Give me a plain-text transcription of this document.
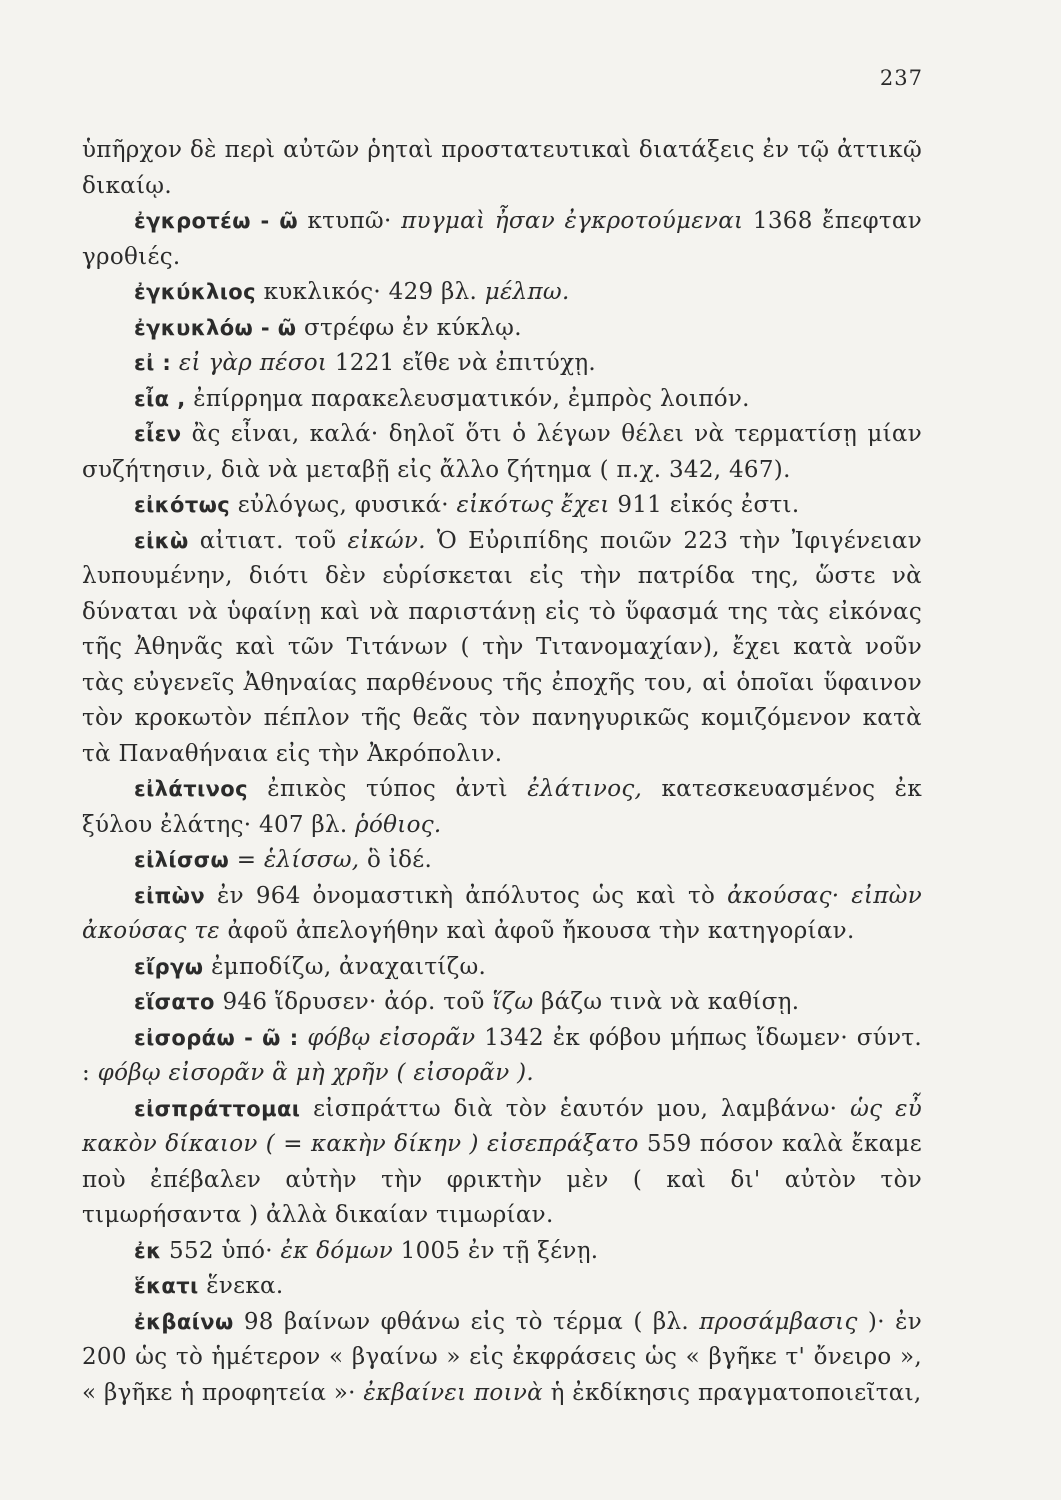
237

ὑπῆρχον δὲ περὶ αὐτῶν ῥηταὶ προστατευτικαὶ διατάξεις ἐν τῷ ἀττικῷ δικαίῳ.

ἐγκροτέω - ῶ κτυπῶ· πυγμαὶ ἦσαν ἐγκροτούμεναι 1368 ἔπεφταν γροθιές.

ἐγκύκλιος κυκλικός· 429 βλ. μέλπω.

ἐγκυκλόω - ῶ στρέφω ἐν κύκλῳ.

εἰ : εἰ γὰρ πέσοι 1221 εἴθε νὰ ἐπιτύχῃ.

εἶα , ἐπίρρημα παρακελευσματικόν, ἐμπρὸς λοιπόν.

εἶεν ἂς εἶναι, καλά· δηλοῖ ὅτι ὁ λέγων θέλει νὰ τερματίσῃ μίαν συζήτησιν, διὰ νὰ μεταβῇ εἰς ἄλλο ζήτημα ( π.χ. 342, 467).

εἰκότως εὐλόγως, φυσικά· εἰκότως ἔχει 911 εἰκός ἐστι.

εἰκὼ αἰτιατ. τοῦ εἰκών. Ὁ Εὐριπίδης ποιῶν 223 τὴν Ἰφιγένειαν λυπουμένην, διότι δὲν εὑρίσκεται εἰς τὴν πατρίδα της, ὥστε νὰ δύναται νὰ ὑφαίνῃ καὶ νὰ παριστάνῃ εἰς τὸ ὕφασμά της τὰς εἰκόνας τῆς Ἀθηνᾶς καὶ τῶν Τιτάνων ( τὴν Τιτανομαχίαν), ἔχει κατὰ νοῦν τὰς εὐγενεῖς Ἀθηναίας παρθένους τῆς ἐποχῆς του, αἱ ὁποῖαι ὕφαινον τὸν κροκωτὸν πέπλον τῆς θεᾶς τὸν πανηγυρικῶς κομιζόμενον κατὰ τὰ Παναθήναια εἰς τὴν Ἀκρόπολιν.

εἰλάτινος ἐπικὸς τύπος ἀντὶ ἐλάτινος, κατεσκευασμένος ἐκ ξύλου ἐλάτης· 407 βλ. ῥόθιος.

εἰλίσσω = ἑλίσσω, ὃ ἰδέ.

εἰπὼν ἐν 964 ὀνομαστικὴ ἀπόλυτος ὡς καὶ τὸ ἀκούσας· εἰπὼν ἀκούσας τε ἀφοῦ ἀπελογήθην καὶ ἀφοῦ ἤκουσα τὴν κατηγορίαν.

εἴργω ἐμποδίζω, ἀναχαιτίζω.

εἵσατο 946 ἵδρυσεν· ἀόρ. τοῦ ἵζω βάζω τινὰ νὰ καθίσῃ.

εἰσοράω - ῶ : φόβῳ εἰσορᾶν 1342 ἐκ φόβου μήπως ἴδωμεν· σύντ. : φόβῳ εἰσορᾶν ἃ μὴ χρῆν ( εἰσορᾶν ).

εἰσπράττομαι εἰσπράττω διὰ τὸν ἑαυτόν μου, λαμβάνω· ὡς εὖ κακὸν δίκαιον ( = κακὴν δίκην ) εἰσεπράξατο 559 πόσον καλὰ ἔκαμε ποὺ ἐπέβαλεν αὐτὴν τὴν φρικτὴν μὲν ( καὶ δι' αὐτὸν τὸν τιμωρήσαντα ) ἀλλὰ δικαίαν τιμωρίαν.

ἐκ 552 ὑπό· ἐκ δόμων 1005 ἐν τῇ ξένῃ.

ἕκατι ἕνεκα.

ἐκβαίνω 98 βαίνων φθάνω εἰς τὸ τέρμα ( βλ. προσάμβασις )· ἐν 200 ὡς τὸ ἡμέτερον « βγαίνω » εἰς ἐκφράσεις ὡς « βγῆκε τ' ὄνειρο », « βγῆκε ἡ προφητεία »· ἐκβαίνει ποινὰ ἡ ἐκδίκησις πραγματοποιεῖται,
